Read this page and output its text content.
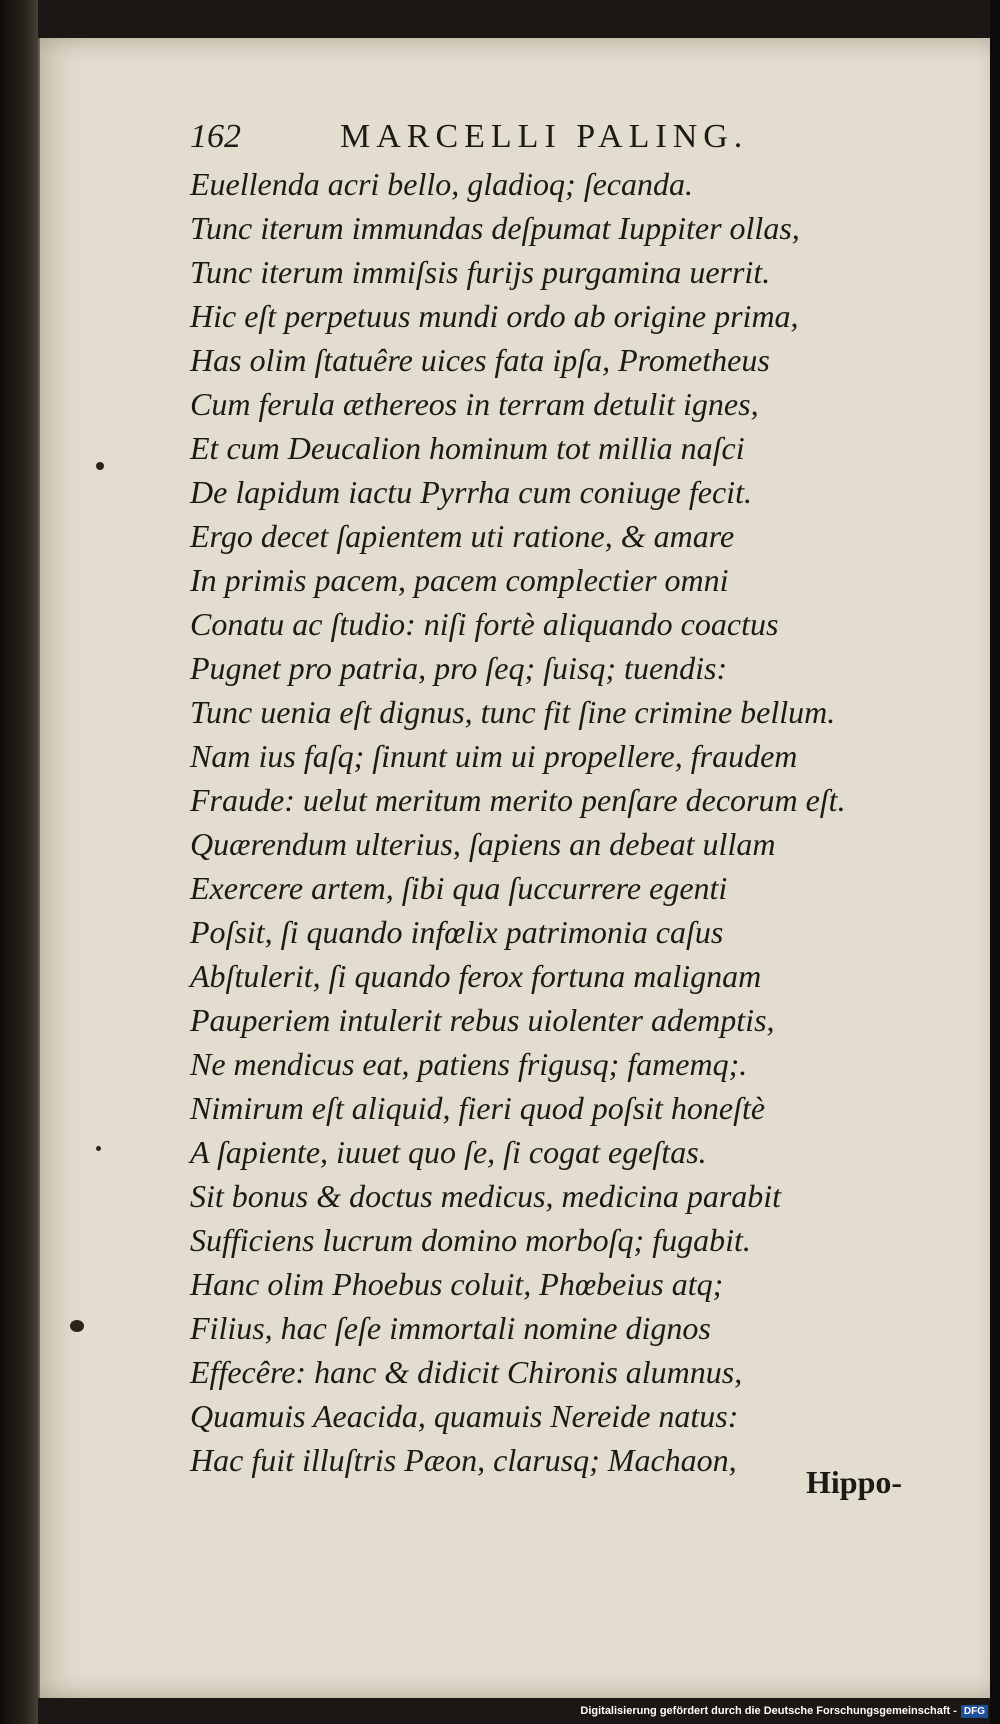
162	MARCELLI PALING.
Euellenda acri bello, gladioq; ſecanda.
Tunc iterum immundas deſpumat Iuppiter ollas,
Tunc iterum immiſsis furijs purgamina uerrit.
Hic eſt perpetuus mundi ordo ab origine prima,
Has olim ſtatuêre uices fata ipſa, Prometheus
Cum ferula æthereos in terram detulit ignes,
Et cum Deucalion hominum tot millia naſci
De lapidum iactu Pyrrha cum coniuge fecit.
Ergo decet ſapientem uti ratione, & amare
In primis pacem, pacem complectier omni
Conatu ac ſtudio: niſi fortè aliquando coactus
Pugnet pro patria, pro ſeq; ſuisq; tuendis:
Tunc uenia eſt dignus, tunc fit ſine crimine bellum.
Nam ius faſq; ſinunt uim ui propellere, fraudem
Fraude: uelut meritum merito penſare decorum eſt.
Quærendum ulterius, ſapiens an debeat ullam
Exercere artem, ſibi qua ſuccurrere egenti
Poſsit, ſi quando infœlix patrimonia caſus
Abſtulerit, ſi quando ferox fortuna malignam
Pauperiem intulerit rebus uiolenter ademptis,
Ne mendicus eat, patiens frigusq; famemq;.
Nimirum eſt aliquid, fieri quod poſsit honeſtè
A ſapiente, iuuet quo ſe, ſi cogat egeſtas.
Sit bonus & doctus medicus, medicina parabit
Sufficiens lucrum domino morboſq; fugabit.
Hanc olim Phoebus coluit, Phœbeius atq;
Filius, hac ſeſe immortali nomine dignos
Effecêre: hanc & didicit Chironis alumnus,
Quamuis Aeacida, quamuis Nereide natus:
Hac fuit illuſtris Pæon, clarusq; Machaon,
Hippo-
Digitalisierung gefördert durch die Deutsche Forschungsgemeinschaft - DFG
